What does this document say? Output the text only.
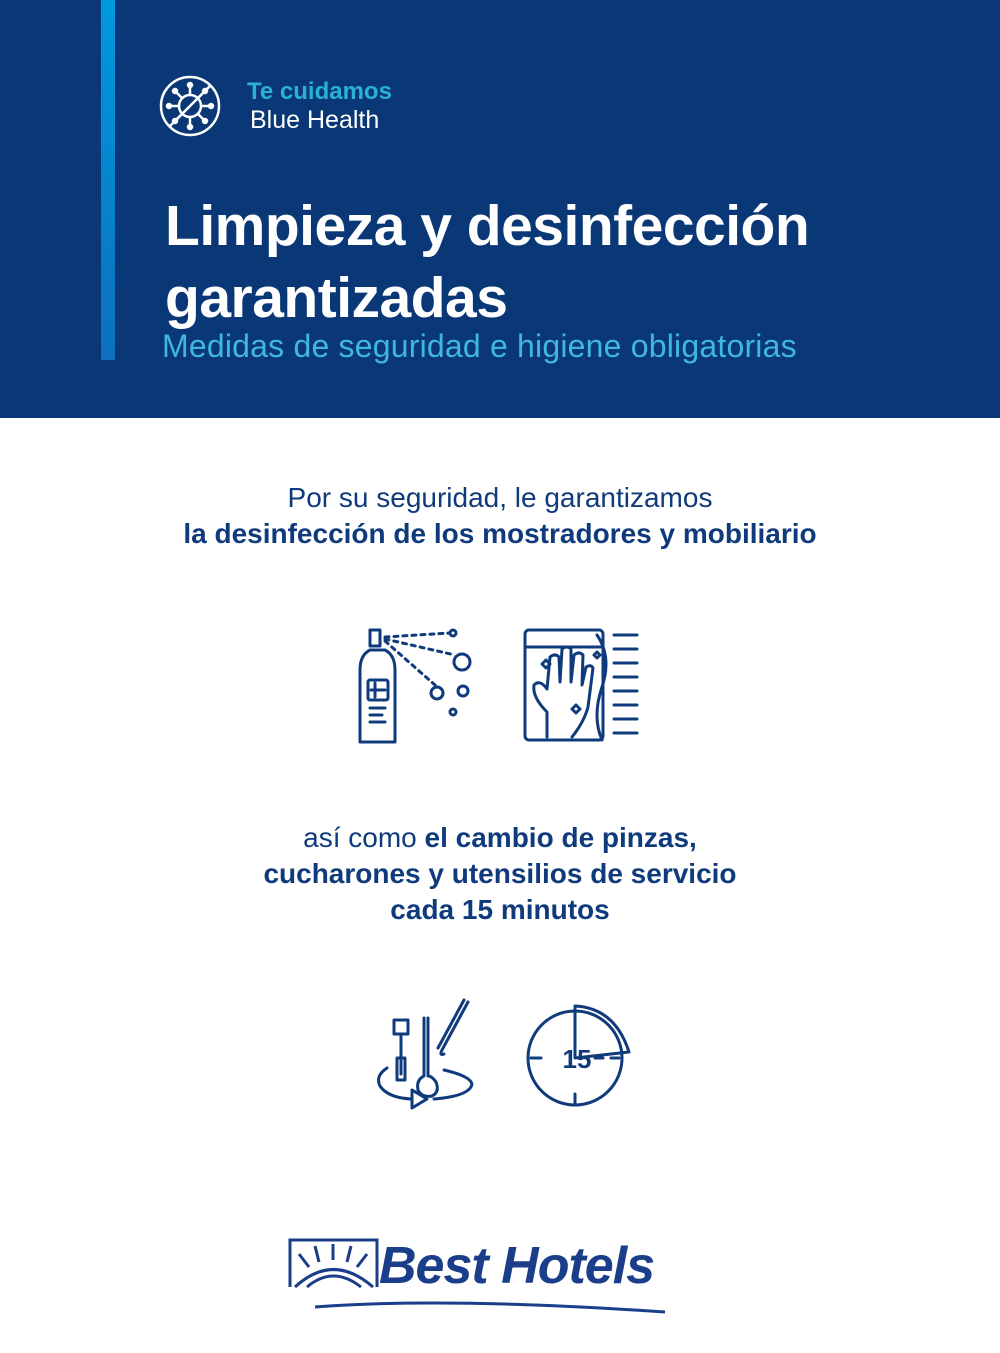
Te cuidamos
Blue Health
Limpieza y desinfección
garantizadas
Medidas de seguridad e higiene obligatorias
Por su seguridad, le garantizamos
la desinfección de los mostradores y mobiliario
así como el cambio de pinzas,
cucharones y utensilios de servicio
cada 15 minutos
15
Best Hotels
